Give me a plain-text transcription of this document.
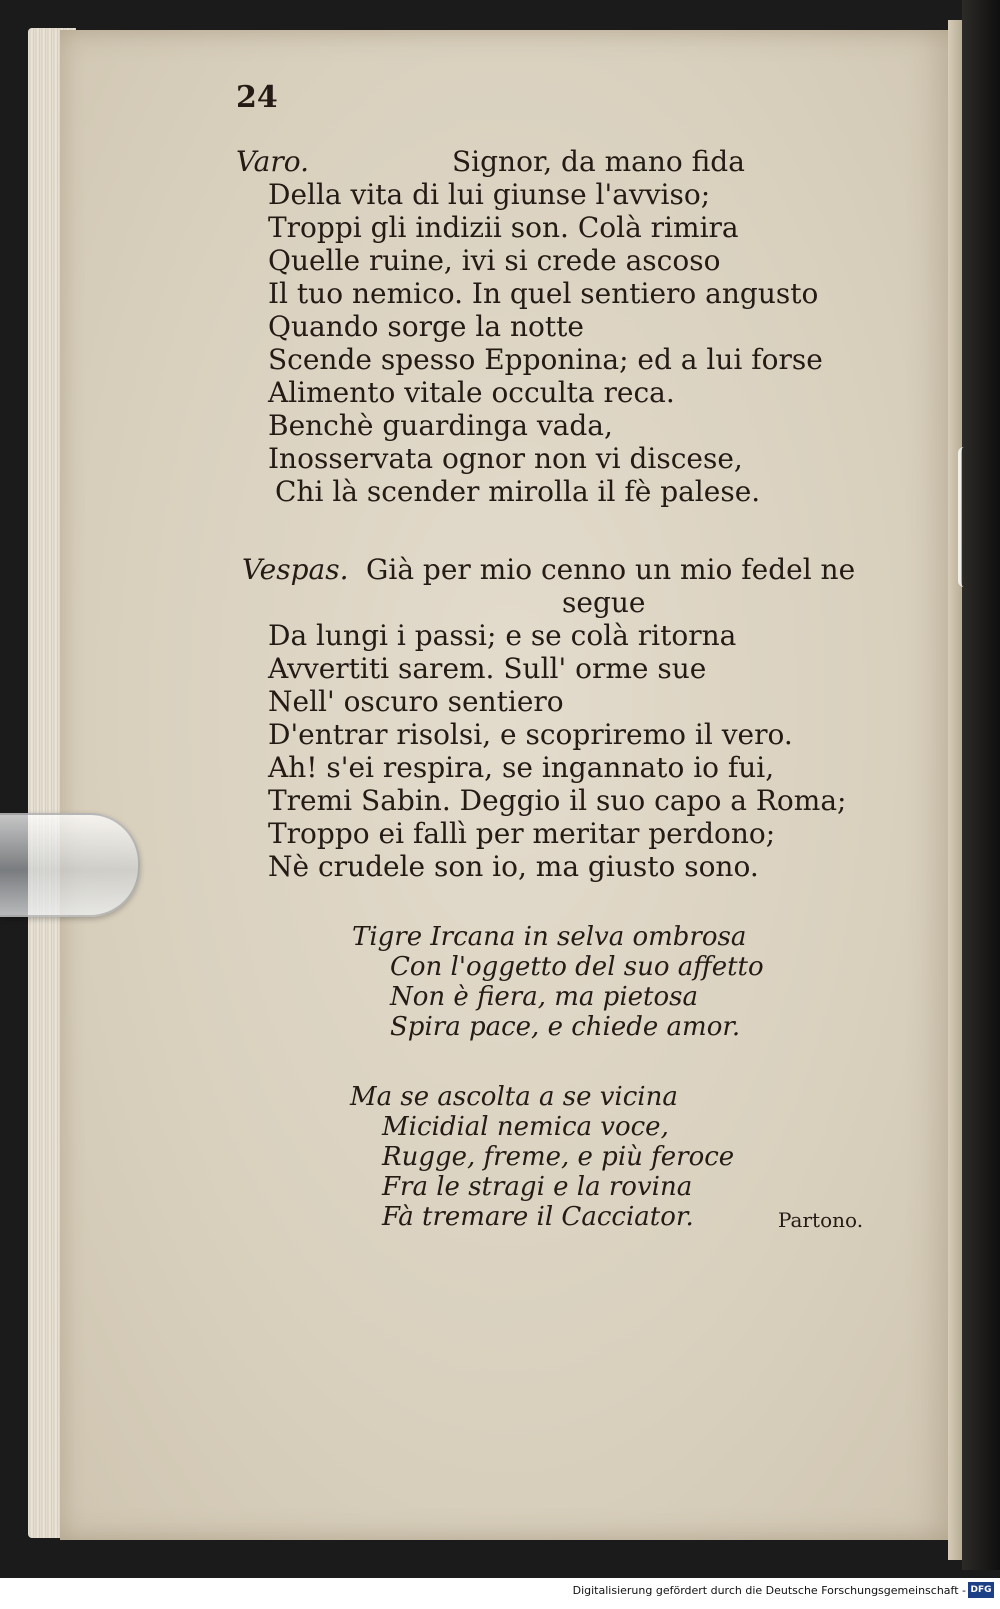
24
Varo.	Signor, da mano fida
Della vita di lui giunse l'avviso;
Troppi gli indizii son. Colà rimira
Quelle ruine, ivi si crede ascoso
Il tuo nemico. In quel sentiero angusto
Quando sorge la notte
Scende spesso Epponina; ed a lui forse
Alimento vitale occulta reca.
Benchè guardinga vada,
Inosservata ognor non vi discese,
Chi là scender mirolla il fè palese.
Vespas. Già per mio cenno un mio fedel ne
segue
Da lungi i passi; e se colà ritorna
Avvertiti sarem. Sull' orme sue
Nell' oscuro sentiero
D'entrar risolsi, e scopriremo il vero.
Ah! s'ei respira, se ingannato io fui,
Tremi Sabin. Deggio il suo capo a Roma;
Troppo ei fallì per meritar perdono;
Nè crudele son io, ma giusto sono.
Tigre Ircana in selva ombrosa
Con l'oggetto del suo affetto
Non è fiera, ma pietosa
Spira pace, e chiede amor.
Ma se ascolta a se vicina
Micidial nemica voce,
Rugge, freme, e più feroce
Fra le stragi e la rovina
Fà tremare il Cacciator.	Partono.
Digitalisierung gefördert durch die Deutsche Forschungsgemeinschaft - DFG
